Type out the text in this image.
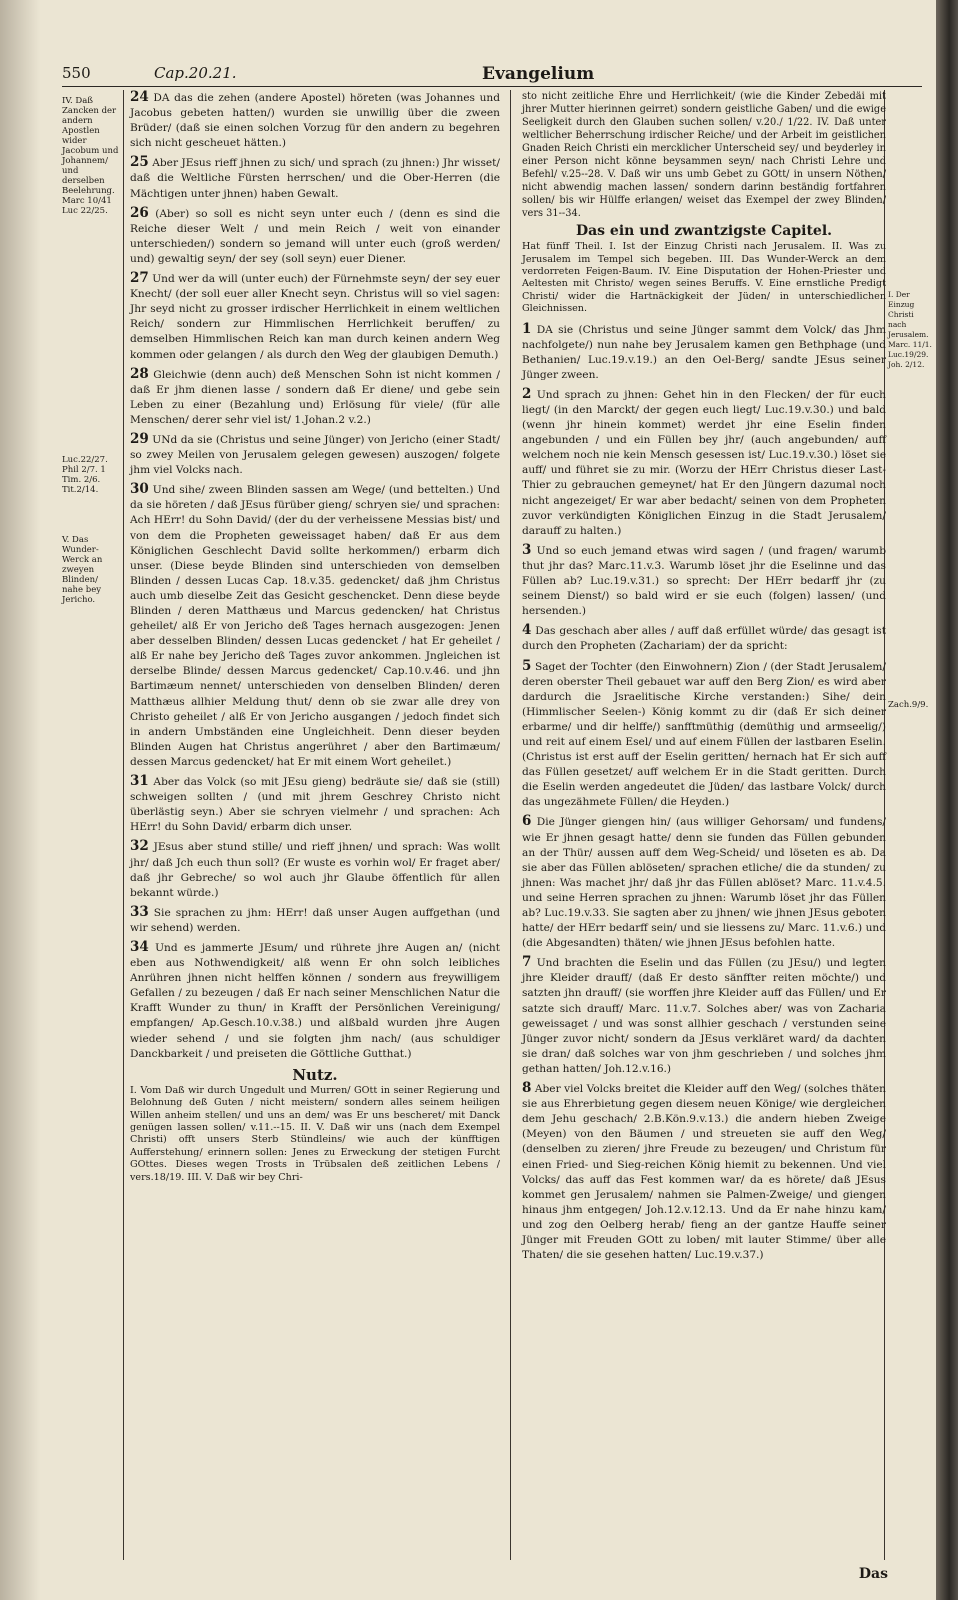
550	Cap.20.21.	Evangelium
IV. Daß Zancken der andern Apostlen wider Jacobum und Johannem/ und derselben Beelehrung. Marc 10/41 Luc 22/25.
Luc.22/27. Phil 2/7. 1 Tim. 2/6. Tit.2/14.
V. Das Wunder-Werck an zweyen Blinden/ nahe bey Jericho.
I. Der Einzug Christi nach Jerusalem. Marc. 11/1. Luc.19/29. Joh. 2/12.
Zach.9/9.
24 DA das die zehen (andere Apostel) höreten (was Johannes und Jacobus gebeten hatten/) wurden sie unwillig über die zween Brüder/ (daß sie einen solchen Vorzug für den andern zu begehren sich nicht gescheuet hätten.)
25 Aber JEsus rieff jhnen zu sich/ und sprach (zu jhnen:) Jhr wisset/ daß die Weltliche Fürsten herrschen/ und die Ober-Herren (die Mächtigen unter jhnen) haben Gewalt.
26 (Aber) so soll es nicht seyn unter euch / (denn es sind die Reiche dieser Welt / und mein Reich / weit von einander unterschieden/) sondern so jemand will unter euch (groß werden/ und) gewaltig seyn/ der sey (soll seyn) euer Diener.
27 Und wer da will (unter euch) der Fürnehmste seyn/ der sey euer Knecht/ (der soll euer aller Knecht seyn. Christus will so viel sagen: Jhr seyd nicht zu grosser irdischer Herrlichkeit in einem weltlichen Reich/ sondern zur Himmlischen Herrlichkeit beruffen/ zu demselben Himmlischen Reich kan man durch keinen andern Weg kommen oder gelangen / als durch den Weg der glaubigen Demuth.)
28 Gleichwie (denn auch) deß Menschen Sohn ist nicht kommen / daß Er jhm dienen lasse / sondern daß Er diene/ und gebe sein Leben zu einer (Bezahlung und) Erlösung für viele/ (für alle Menschen/ derer sehr viel ist/ 1.Johan.2 v.2.)
29 UNd da sie (Christus und seine Jünger) von Jericho (einer Stadt/ so zwey Meilen von Jerusalem gelegen gewesen) auszogen/ folgete jhm viel Volcks nach.
30 Und sihe/ zween Blinden sassen am Wege/ (und bettelten.) Und da sie höreten / daß JEsus fürüber gieng/ schryen sie/ und sprachen: Ach HErr! du Sohn David/ (der du der verheissene Messias bist/ und von dem die Propheten geweissaget haben/ daß Er aus dem Königlichen Geschlecht David sollte herkommen/) erbarm dich unser. (Diese beyde Blinden sind unterschieden von demselben Blinden / dessen Lucas Cap. 18.v.35. gedencket/ daß jhm Christus auch umb dieselbe Zeit das Gesicht geschencket. Denn diese beyde Blinden / deren Matthæus und Marcus gedencken/ hat Christus geheilet/ alß Er von Jericho deß Tages hernach ausgezogen: Jenen aber desselben Blinden/ dessen Lucas gedencket / hat Er geheilet / alß Er nahe bey Jericho deß Tages zuvor ankommen. Jngleichen ist derselbe Blinde/ dessen Marcus gedencket/ Cap.10.v.46. und jhn Bartimæum nennet/ unterschieden von denselben Blinden/ deren Matthæus allhier Meldung thut/ denn ob sie zwar alle drey von Christo geheilet / alß Er von Jericho ausgangen / jedoch findet sich in andern Umbständen eine Ungleichheit. Denn dieser beyden Blinden Augen hat Christus angerühret / aber den Bartimæum/ dessen Marcus gedencket/ hat Er mit einem Wort geheilet.)
31 Aber das Volck (so mit JEsu gieng) bedräute sie/ daß sie (still) schweigen sollten / (und mit jhrem Geschrey Christo nicht überlästig seyn.) Aber sie schryen vielmehr / und sprachen: Ach HErr! du Sohn David/ erbarm dich unser.
32 JEsus aber stund stille/ und rieff jhnen/ und sprach: Was wollt jhr/ daß Jch euch thun soll? (Er wuste es vorhin wol/ Er fraget aber/ daß jhr Gebreche/ so wol auch jhr Glaube öffentlich für allen bekannt würde.)
33 Sie sprachen zu jhm: HErr! daß unser Augen auffgethan (und wir sehend) werden.
34 Und es jammerte JEsum/ und rührete jhre Augen an/ (nicht eben aus Nothwendigkeit/ alß wenn Er ohn solch leibliches Anrühren jhnen nicht helffen können / sondern aus freywilligem Gefallen / zu bezeugen / daß Er nach seiner Menschlichen Natur die Krafft Wunder zu thun/ in Krafft der Persönlichen Vereinigung/ empfangen/ Ap.Gesch.10.v.38.) und alßbald wurden jhre Augen wieder sehend / und sie folgten jhm nach/ (aus schuldiger Danckbarkeit / und preiseten die Göttliche Gutthat.)
Nutz.
I. Vom Daß wir durch Ungedult und Murren/ GOtt in seiner Regierung und Belohnung deß Guten / nicht meistern/ sondern alles seinem heiligen Willen anheim stellen/ und uns an dem/ was Er uns bescheret/ mit Danck genügen lassen sollen/ v.11.--15. II. V. Daß wir uns (nach dem Exempel Christi) offt unsers Sterb Stündleins/ wie auch der künfftigen Aufferstehung/ erinnern sollen: Jenes zu Erweckung der stetigen Furcht GOttes. Dieses wegen Trosts in Trübsalen deß zeitlichen Lebens / vers.18/19. III. V. Daß wir bey Chri-
sto nicht zeitliche Ehre und Herrlichkeit/ (wie die Kinder Zebedäi mit jhrer Mutter hierinnen geirret) sondern geistliche Gaben/ und die ewige Seeligkeit durch den Glauben suchen sollen/ v.20./ 1/22. IV. Daß unter weltlicher Beherrschung irdischer Reiche/ und der Arbeit im geistlichen Gnaden Reich Christi ein mercklicher Unterscheid sey/ und beyderley in einer Person nicht könne beysammen seyn/ nach Christi Lehre und Befehl/ v.25--28. V. Daß wir uns umb Gebet zu GOtt/ in unsern Nöthen/ nicht abwendig machen lassen/ sondern darinn beständig fortfahren sollen/ bis wir Hülffe erlangen/ weiset das Exempel der zwey Blinden/ vers 31--34.
Das ein und zwantzigste Capitel.
Hat fünff Theil. I. Ist der Einzug Christi nach Jerusalem. II. Was zu Jerusalem im Tempel sich begeben. III. Das Wunder-Werck an dem verdorreten Feigen-Baum. IV. Eine Disputation der Hohen-Priester und Aeltesten mit Christo/ wegen seines Beruffs. V. Eine ernstliche Predigt Christi/ wider die Hartnäckigkeit der Jüden/ in unterschiedlichen Gleichnissen.
1 DA sie (Christus und seine Jünger sammt dem Volck/ das Jhm nachfolgete/) nun nahe bey Jerusalem kamen gen Bethphage (und Bethanien/ Luc.19.v.19.) an den Oel-Berg/ sandte JEsus seiner Jünger zween.
2 Und sprach zu jhnen: Gehet hin in den Flecken/ der für euch liegt/ (in den Marckt/ der gegen euch liegt/ Luc.19.v.30.) und bald (wenn jhr hinein kommet) werdet jhr eine Eselin finden angebunden / und ein Füllen bey jhr/ (auch angebunden/ auff welchem noch nie kein Mensch gesessen ist/ Luc.19.v.30.) löset sie auff/ und führet sie zu mir. (Worzu der HErr Christus dieser Last-Thier zu gebrauchen gemeynet/ hat Er den Jüngern dazumal noch nicht angezeiget/ Er war aber bedacht/ seinen von dem Propheten zuvor verkündigten Königlichen Einzug in die Stadt Jerusalem/ darauff zu halten.)
3 Und so euch jemand etwas wird sagen / (und fragen/ warumb thut jhr das? Marc.11.v.3. Warumb löset jhr die Eselinne und das Füllen ab? Luc.19.v.31.) so sprecht: Der HErr bedarff jhr (zu seinem Dienst/) so bald wird er sie euch (folgen) lassen/ (und hersenden.)
4 Das geschach aber alles / auff daß erfüllet würde/ das gesagt ist durch den Propheten (Zachariam) der da spricht:
5 Saget der Tochter (den Einwohnern) Zion / (der Stadt Jerusalem/ deren oberster Theil gebauet war auff den Berg Zion/ es wird aber dardurch die Jsraelitische Kirche verstanden:) Sihe/ dein (Himmlischer Seelen-) König kommt zu dir (daß Er sich deiner erbarme/ und dir helffe/) sanfftmüthig (demüthig und armseelig/) und reit auf einem Esel/ und auf einem Füllen der lastbaren Eselin. (Christus ist erst auff der Eselin geritten/ hernach hat Er sich auff das Füllen gesetzet/ auff welchem Er in die Stadt geritten. Durch die Eselin werden angedeutet die Jüden/ das lastbare Volck/ durch das ungezähmete Füllen/ die Heyden.)
6 Die Jünger giengen hin/ (aus williger Gehorsam/ und fundens/ wie Er jhnen gesagt hatte/ denn sie funden das Füllen gebunden an der Thür/ aussen auff dem Weg-Scheid/ und löseten es ab. Da sie aber das Füllen ablöseten/ sprachen etliche/ die da stunden/ zu jhnen: Was machet jhr/ daß jhr das Füllen ablöset? Marc. 11.v.4.5. und seine Herren sprachen zu jhnen: Warumb löset jhr das Füllen ab? Luc.19.v.33. Sie sagten aber zu jhnen/ wie jhnen JEsus geboten hatte/ der HErr bedarff sein/ und sie liessens zu/ Marc. 11.v.6.) und (die Abgesandten) thäten/ wie jhnen JEsus befohlen hatte.
7 Und brachten die Eselin und das Füllen (zu JEsu/) und legten jhre Kleider drauff/ (daß Er desto sänffter reiten möchte/) und satzten jhn drauff/ (sie worffen jhre Kleider auff das Füllen/ und Er satzte sich drauff/ Marc. 11.v.7. Solches aber/ was von Zacharia geweissaget / und was sonst allhier geschach / verstunden seine Jünger zuvor nicht/ sondern da JEsus verkläret ward/ da dachten sie dran/ daß solches war von jhm geschrieben / und solches jhm gethan hatten/ Joh.12.v.16.)
8 Aber viel Volcks breitet die Kleider auff den Weg/ (solches thäten sie aus Ehrerbietung gegen diesem neuen Könige/ wie dergleichen dem Jehu geschach/ 2.B.Kön.9.v.13.) die andern hieben Zweige (Meyen) von den Bäumen / und streueten sie auff den Weg/ (denselben zu zieren/ jhre Freude zu bezeugen/ und Christum für einen Fried- und Sieg-reichen König hiemit zu bekennen. Und viel Volcks/ das auff das Fest kommen war/ da es hörete/ daß JEsus kommet gen Jerusalem/ nahmen sie Palmen-Zweige/ und giengen hinaus jhm entgegen/ Joh.12.v.12.13. Und da Er nahe hinzu kam/ und zog den Oelberg herab/ fieng an der gantze Hauffe seiner Jünger mit Freuden GOtt zu loben/ mit lauter Stimme/ über alle Thaten/ die sie gesehen hatten/ Luc.19.v.37.)
Das
